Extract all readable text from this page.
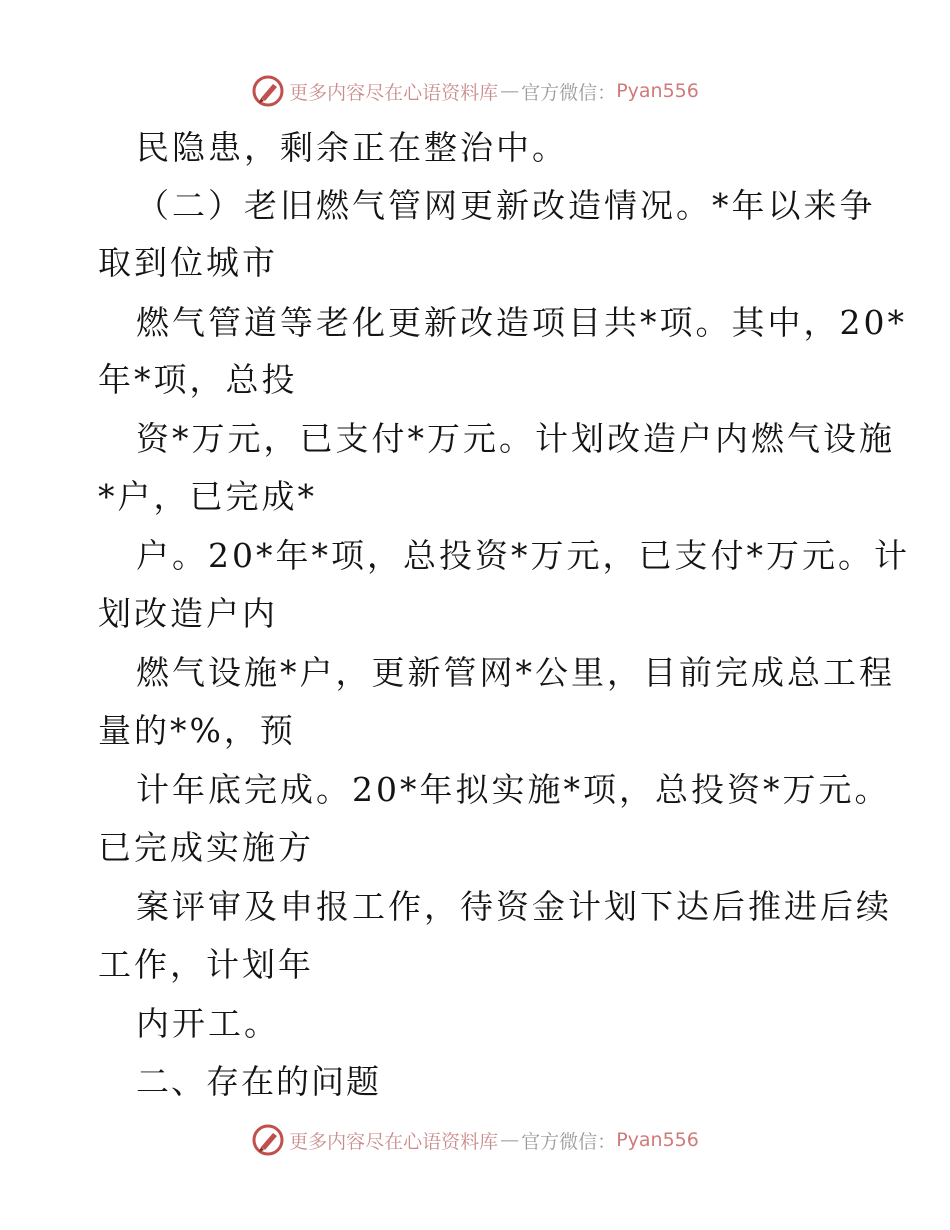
更多内容尽在心语资料库 — 官方微信： Pyan556
民隐患，剩余正在整治中。
（二）老旧燃气管网更新改造情况。*年以来争
取到位城市
燃气管道等老化更新改造项目共*项。其中，20*
年*项，总投
资*万元，已支付*万元。计划改造户内燃气设施
*户，已完成*
户。20*年*项，总投资*万元，已支付*万元。计
划改造户内
燃气设施*户，更新管网*公里，目前完成总工程
量的*%，预
计年底完成。20*年拟实施*项，总投资*万元。
已完成实施方
案评审及申报工作，待资金计划下达后推进后续
工作，计划年
内开工。
二、存在的问题
更多内容尽在心语资料库 — 官方微信： Pyan556
